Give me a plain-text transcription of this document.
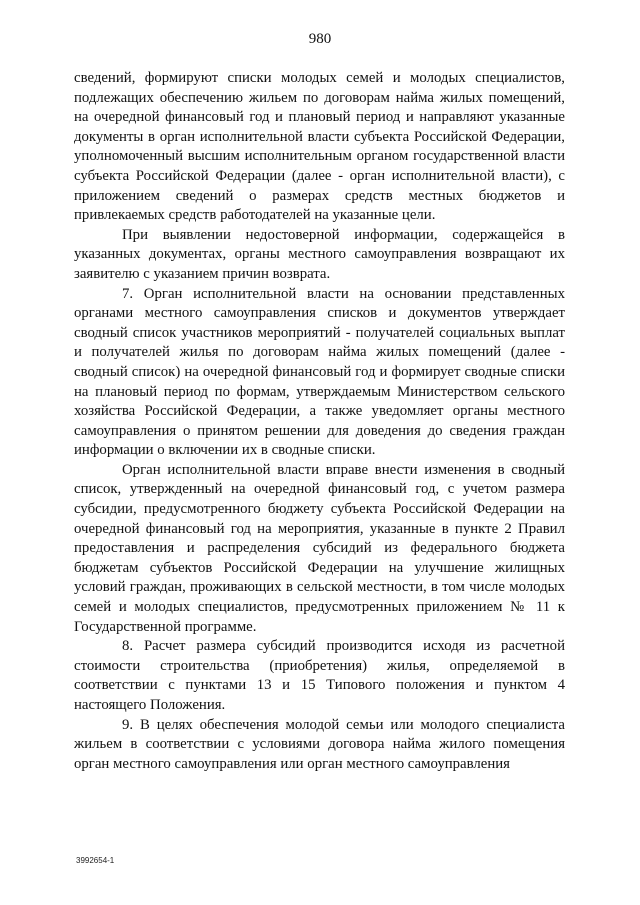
980

сведений, формируют списки молодых семей и молодых специалистов, подлежащих обеспечению жильем по договорам найма жилых помещений, на очередной финансовый год и плановый период и направляют указанные документы в орган исполнительной власти субъекта Российской Федерации, уполномоченный высшим исполнительным органом государственной власти субъекта Российской Федерации (далее - орган исполнительной власти), с приложением сведений о размерах средств местных бюджетов и привлекаемых средств работодателей на указанные цели.

При выявлении недостоверной информации, содержащейся в указанных документах, органы местного самоуправления возвращают их заявителю с указанием причин возврата.

7. Орган исполнительной власти на основании представленных органами местного самоуправления списков и документов утверждает сводный список участников мероприятий - получателей социальных выплат и получателей жилья по договорам найма жилых помещений (далее - сводный список) на очередной финансовый год и формирует сводные списки на плановый период по формам, утверждаемым Министерством сельского хозяйства Российской Федерации, а также уведомляет органы местного самоуправления о принятом решении для доведения до сведения граждан информации о включении их в сводные списки.

Орган исполнительной власти вправе внести изменения в сводный список, утвержденный на очередной финансовый год, с учетом размера субсидии, предусмотренного бюджету субъекта Российской Федерации на очередной финансовый год на мероприятия, указанные в пункте 2 Правил предоставления и распределения субсидий из федерального бюджета бюджетам субъектов Российской Федерации на улучшение жилищных условий граждан, проживающих в сельской местности, в том числе молодых семей и молодых специалистов, предусмотренных приложением № 11 к Государственной программе.

8. Расчет размера субсидий производится исходя из расчетной стоимости строительства (приобретения) жилья, определяемой в соответствии с пунктами 13 и 15 Типового положения и пунктом 4 настоящего Положения.

9. В целях обеспечения молодой семьи или молодого специалиста жильем в соответствии с условиями договора найма жилого помещения орган местного самоуправления или орган местного самоуправления

3992654-1
